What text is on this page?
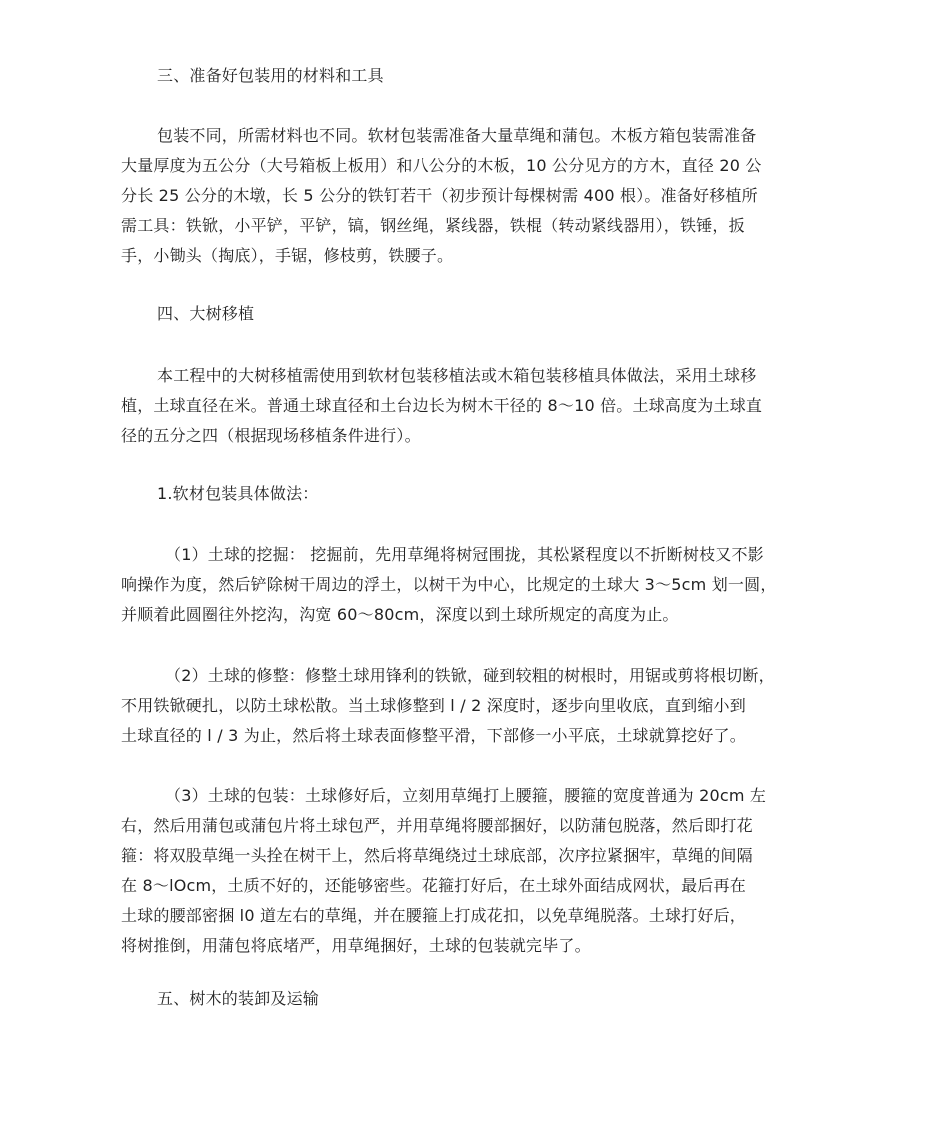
三、准备好包装用的材料和工具
包装不同，所需材料也不同。软材包装需准备大量草绳和蒲包。木板方箱包装需准备
大量厚度为五公分（大号箱板上板用）和八公分的木板，10 公分见方的方木，直径 20 公
分长 25 公分的木墩，长 5 公分的铁钉若干（初步预计每棵树需 400 根）。准备好移植所
需工具：铁锨，小平铲，平铲，镐，钢丝绳，紧线器，铁棍（转动紧线器用），铁锤，扳
手，小锄头（掏底），手锯，修枝剪，铁腰子。
四、大树移植
本工程中的大树移植需使用到软材包装移植法或木箱包装移植具体做法，采用土球移
植，土球直径在米。普通土球直径和土台边长为树木干径的 8～10 倍。土球高度为土球直
径的五分之四（根据现场移植条件进行）。
1.软材包装具体做法：
（1）土球的挖掘： 挖掘前，先用草绳将树冠围拢，其松紧程度以不折断树枝又不影
响操作为度，然后铲除树干周边的浮土，以树干为中心，比规定的土球大 3～5cm 划一圆，
并顺着此圆圈往外挖沟，沟宽 60～80cm，深度以到土球所规定的高度为止。
（2）土球的修整：修整土球用锋利的铁锨，碰到较粗的树根时，用锯或剪将根切断，
不用铁锨硬扎，以防土球松散。当土球修整到 l / 2 深度时，逐步向里收底，直到缩小到
土球直径的 l / 3 为止，然后将土球表面修整平滑，下部修一小平底，土球就算挖好了。
（3）土球的包装：土球修好后，立刻用草绳打上腰箍，腰箍的宽度普通为 20cm 左
右，然后用蒲包或蒲包片将土球包严，并用草绳将腰部捆好，以防蒲包脱落，然后即打花
箍：将双股草绳一头拴在树干上，然后将草绳绕过土球底部，次序拉紧捆牢，草绳的间隔
在 8～lOcm，土质不好的，还能够密些。花箍打好后，在土球外面结成网状，最后再在
土球的腰部密捆 l0 道左右的草绳，并在腰箍上打成花扣，以免草绳脱落。土球打好后，
将树推倒，用蒲包将底堵严，用草绳捆好，土球的包装就完毕了。
五、树木的装卸及运输
